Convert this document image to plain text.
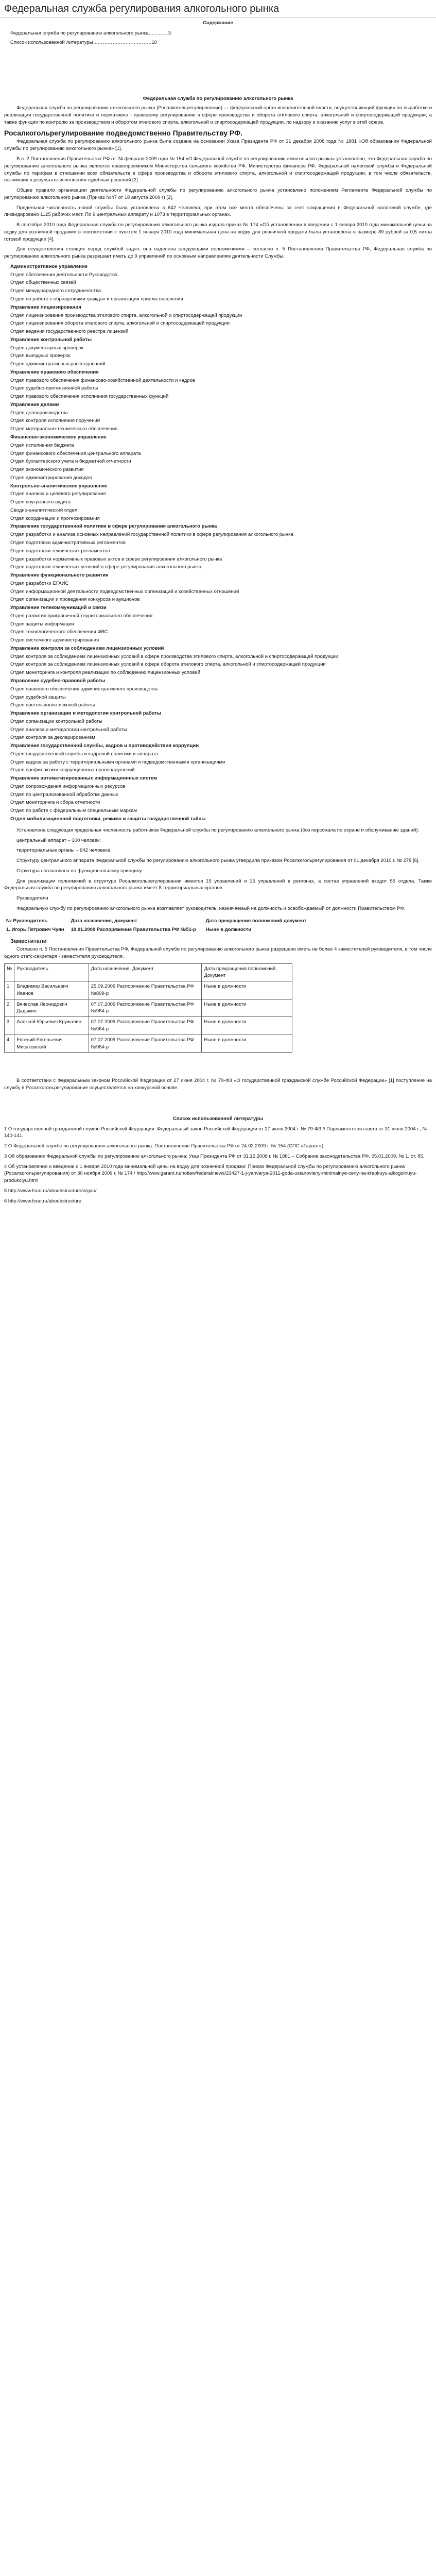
Федеральная служба регулирования алкогольного рынка
Содержание
Федеральная служба по регулированию алкогольного рынка…………3
Список использованной литературы………………………………10
Федеральная служба по регулированию алкогольного рынка

Федеральная служба по регулированию алкогольного рынка (Росалкогольрегулирование) — федеральный орган исполнительной власти, осуществляющий функции по выработке и реализации государственной политики и нормативно - правовому регулированию в сфере производства и оборота этилового спирта, алкогольной и спиртосодержащей продукции, а также функции по контролю за производством и оборотом этилового спирта, алкогольной и спиртосодержащей продукции, по надзору и оказанию услуг в этой сфере.

Росалкогольрегулирование подведомственно Правительству РФ.

Федеральная служба по регулированию алкогольного рынка была создана на основании Указа Президента РФ от 31 декабря 2008 года № 1881 «Об образовании Федеральной службы по регулированию алкогольного рынка» [1].

В п. 2 Постановления Правительства РФ от 24 февраля 2009 года № 154 «О Федеральной службе по регулированию алкогольного рынка» установлено, что Федеральная служба по регулированию алкогольного рынка является правопреемником Министерства сельского хозяйства РФ, Министерства финансов РФ, Федеральной налоговой службы и Федеральной службы по тарифам в отношении всех обязательств в сфере производства и оборота этилового спирта, алкогольной и спиртосодержащей продукции, в том числе обязательств, возникших в результате исполнения судебных решений [2].

Общее правило организации деятельности Федеральной службы по регулированию алкогольного рынка установлено положением Регламента Федеральной службы по регулированию алкогольного рынка (Приказ №47 от 18 августа 2009 г) [3].

Предельная численность новой службы была установлена в 642 человека; при этом все места обеспечены за счет сокращения в Федеральной налоговой службе, где ликвидировано 1125 рабочих мест. По 9 центральных аппарату и 1073 в территориальных органах.

В сентябре 2010 года Федеральная служба по регулированию алкогольного рынка издала приказ № 174 «Об установлении в введении с 1 января 2010 года минимальной цены на водку для розничной продажи» в соответствии с пунктом 1 января 2010 года минимальная цена на водку для розничной продажи была установлена в размере 89 рублей за 0,5 литра готовой продукции [4].

Для осуществления стоящих перед службой задач, она наделена следующими полномочиями – согласно п. 5 Постановления Правительства РФ, Федеральная служба по регулированию алкогольного рынка разрешает иметь до 9 управлений по основным направлениям деятельности Службы.

Административное управление
Отдел обеспечения деятельности Руководства
Отдел общественных связей
Отдел международного сотрудничества
Отдел по работе с обращениями граждан и организации приема населения
Управление лицензирования
Отдел лицензирования производства этилового спирта, алкогольной и спиртосодержащей продукции
Отдел лицензирования оборота этилового спирта, алкогольной и спиртосодержащей продукции
Отдел ведения государственного реестра лицензий
Управление контрольной работы
Отдел документарных проверок
Отдел выездных проверок
Отдел административных расследований
Управление правового обеспечения
Отдел правового обеспечения финансово-хозяйственной деятельности и кадров
Отдел судебно-претензионной работы
Отдел правового обеспечения исполнения государственных функций
Управление делами
Отдел делопроизводства
Отдел контроля исполнения поручений
Отдел материально-технического обеспечения
Финансово-экономическое управление
Отдел исполнения бюджета
Отдел финансового обеспечения центрального аппарата
Отдел бухгалтерского учета и бюджетной отчетности
Отдел экономического развития
Отдел администрирования доходов
Контрольно-аналитическое управление
Отдел анализа и целевого регулирования
Отдел внутреннего аудита
Сводно-аналитический отдел
Отдел координации и прогнозирования
Управление государственной политики в сфере регулирования алкогольного рынка
Отдел разработки и анализа основных направлений государственной политики в сфере регулирования алкогольного рынка
Отдел подготовки административных регламентов
Отдел подготовки технических регламентов
Отдел разработки нормативных правовых актов в сфере регулирования алкогольного рынка
Отдел подготовки технических условий в сфере регулирования алкогольного рынка
Управление функционального развития
Отдел разработки ЕГАИС
Отдел информационной деятельности подведомственных организаций и хозяйственных отношений
Отдел организации и проведения конкурсов и аукционов
Управление телекоммуникаций и связи
Отдел развития приграничной территориального обеспечения
Отдел защиты информации
Отдел технологического обеспечения ФВС
Отдел системного администрирования
Управление контроля за соблюдением лицензионных условий
Отдел контроля за соблюдением лицензионных условий в сфере производства этилового спирта, алкогольной и спиртосодержащей продукции
Отдел контроля за соблюдением лицензионных условий в сфере оборота этилового спирта, алкогольной и спиртосодержащей продукции
Отдел мониторинга и контроля реализации по соблюдению лицензионных условий
Управление судебно-правовой работы
Отдел правового обеспечения административного производства
Отдел судебной защиты
Отдел претензионно-исковой работы
Управление организации и методологии контрольной работы
Отдел организации контрольной работы
Отдел анализа и методологии контрольной работы
Отдел контроля за декларированием
Управление государственной службы, кадров и противодействия коррупции
Отдел государственной службы и кадровой политики и аппарата
Отдел кадров за работу с территориальными органами и подведомственными организациями
Отдел профилактики коррупционных правонарушений
Управление автоматизированных информационных систем
Отдел сопровождения информационных ресурсов
Отдел по централизованной обработке данных
Отдел мониторинга и сбора отчетности
Отдел по работе с федеральным специальным маркам
Отдел мобилизационной подготовки, режима и защиты государственной тайны

Установлена следующая предельная численность работников Федеральной службы по регулированию алкогольного рынка (без персонала по охране и обслуживанию зданий):

центральный аппарат – 300 человек;

территориальные органы – 642 человека.

Структуру центрального аппарата Федеральной службы по регулированию алкогольного рынка утвердила приказом Росалкогольрегулирования от 01 декабря 2010 г. № 278 [6].

Структура согласована по функциональному принципу.

Для реализации полномочий в структуре Росалкогольрегулирования имеется 15 управлений и 15 управлений в регионах, а состав управлений входит 55 отдела. Также Федеральная служба по регулированию алкогольного рынка имеет 8 территориальных органов.

Руководители

Федеральную службу по регулированию алкогольного рынка возглавляет руководитель, назначаемый на должность и освобождаемый от должности Правительством РФ.

№ Руководитель	Дата назначения, документ	Дата прекращения полномочий документ
1. Игорь Петрович Чуян	19.01.2009 Распоряжение Правительства РФ №51-р	Ныне в должности
Заместители

Согласно п. 5 Постановления Правительства РФ, Федеральной службе по регулированию алкогольного рынка разрешено иметь не более 4 заместителей руководителя, в том числе одного статс-секретаря - заместителя руководителя.

№	Руководитель	Дата назначения, Документ	Дата прекращения полномочий, Документ
1	Владимир Васильевич Иванов	25.09.2009 Распоряжение Правительства РФ №899-р	Ныне в должности
2	Вячеслав Леонидович Дадыкин	07.07.2009 Распоряжение Правительства РФ №964-р	Ныне в должности
3	Алексей Юрьевич Кружалин	07.07.2009 Распоряжение Правительства РФ №964-р	Ныне в должности
4	Евгений Евгеньевич Мисаковский	07.07.2009 Распоряжение Правительства РФ №964-р	Ныне в должности

В соответствии с Федеральным законом Российской Федерации от 27 июня 2004 г. № 79-ФЗ «О государственной гражданской службе Российской Федерации» [1] поступление на службу в Росалкогольрегулирование осуществляется на конкурсной основе.

Список использованной литературы

1 О государственной гражданской службе Российской Федерации: Федеральный закон Российской Федерации от 27 июня 2004 г. № 79-ФЗ // Парламентская газета от 31 июля 2004 г., № 140-141.

2 О Федеральной службе по регулированию алкогольного рынка: Постановление Правительства РФ от 24.02.2009 г. № 154 (СПС «Гарант»)

3 Об образовании Федеральной службы по регулированию алкогольного рынка: Указ Президента РФ от 31.12.2008 г. № 1881 – Собрание законодательства РФ, 05.01.2009, № 1, ст. 85.

4 Об установлении и введении с 1 января 2010 года минимальной цены на водку для розничной продажи: Приказ Федеральной службы по регулированию алкогольного рынка (Росалкогольрегулирования) от 30 ноября 2009 г. № 174 / http://www.garant.ru/hotlaw/federal/news/23427-1-j-yanvarya-2011-goda-ustanovleny-minimalnye-ceny-na-krepkuyu-alkogolnuyu-produkciyu.html

5 http://www.fsrar.ru/about/structure/organ/

6 http://www.fsrar.ru/about/structure
